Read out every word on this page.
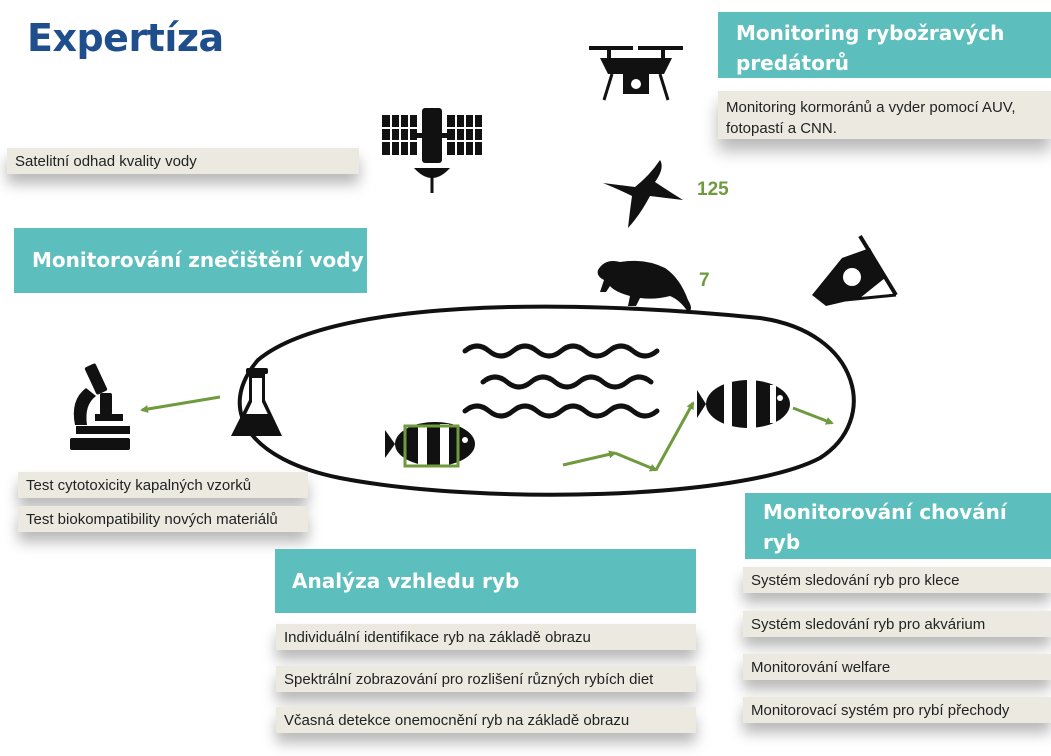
Expertíza
Satelitní odhad kvality vody
Monitorování znečištění vody
Test cytotoxicity kapalných vzorků
Test biokompatibility nových materiálů
Monitoring rybožravých
predátorů
Monitoring kormoránů a vyder pomocí AUV, fotopastí a CNN.
125
7
Analýza vzhledu ryb
Individuální identifikace ryb na základě obrazu
Spektrální zobrazování pro rozlišení různých rybích diet
Včasná detekce onemocnění ryb na základě obrazu
Monitorování chování
ryb
Systém sledování ryb pro klece
Systém sledování ryb pro akvárium
Monitorování welfare
Monitorovací systém pro rybí přechody
